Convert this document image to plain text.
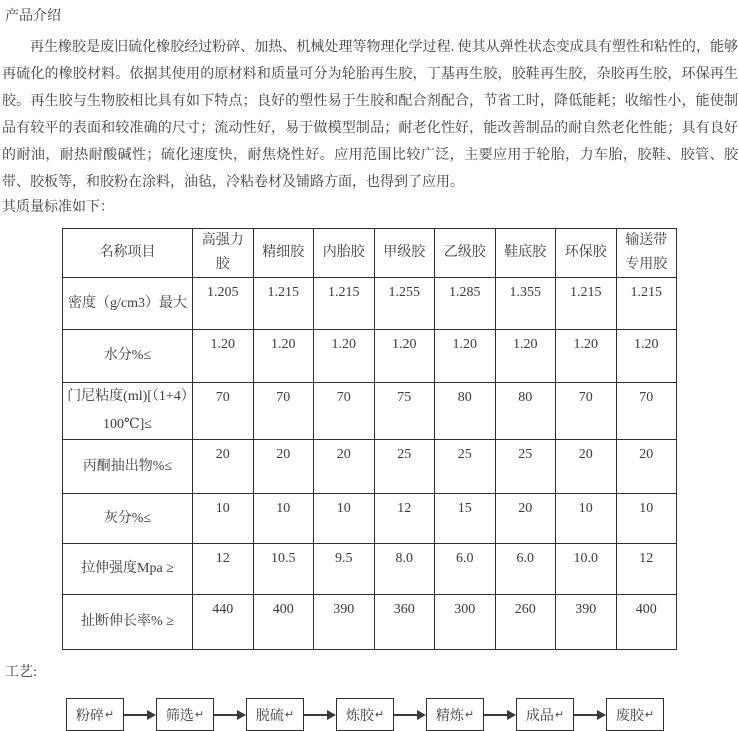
产品介绍

再生橡胶是废旧硫化橡胶经过粉碎、加热、机械处理等物理化学过程. 使其从弹性状态变成具有塑性和粘性的，能够再硫化的橡胶材料。依据其使用的原材料和质量可分为轮胎再生胶，丁基再生胶，胶鞋再生胶，杂胶再生胶，环保再生胶。再生胶与生物胶相比具有如下特点；良好的塑性易于生胶和配合剂配合，节省工时，降低能耗；收缩性小，能使制品有较平的表面和较准确的尺寸；流动性好，易于做模型制品；耐老化性好，能改善制品的耐自然老化性能；具有良好的耐油，耐热耐酸碱性；硫化速度快，耐焦烧性好。应用范围比较广泛，主要应用于轮胎，力车胎，胶鞋、胶管、胶带、胶板等，和胶粉在涂料，油毡，冷粘卷材及铺路方面，也得到了应用。

其质量标准如下：

名称项目	高强力胶	精细胶	内胎胶	甲级胶	乙级胶	鞋底胶	环保胶	输送带专用胶
密度（g/cm3）最大	1.205	1.215	1.215	1.255	1.285	1.355	1.215	1.215
水分%≤	1.20	1.20	1.20	1.20	1.20	1.20	1.20	1.20
门尼粘度(ml)[（1+4）100℃]≤	70	70	70	75	80	80	70	70
丙酮抽出物%≤	20	20	20	25	25	25	20	20
灰分%≤	10	10	10	12	15	20	10	10
拉伸强度Mpa ≥	12	10.5	9.5	8.0	6.0	6.0	10.0	12
扯断伸长率% ≥	440	400	390	360	300	260	390	400
工艺:
粉碎 ↵	筛选 ↵	脱硫 ↵	炼胶 ↵	精炼 ↵	成品 ↵	废胶 ↵
